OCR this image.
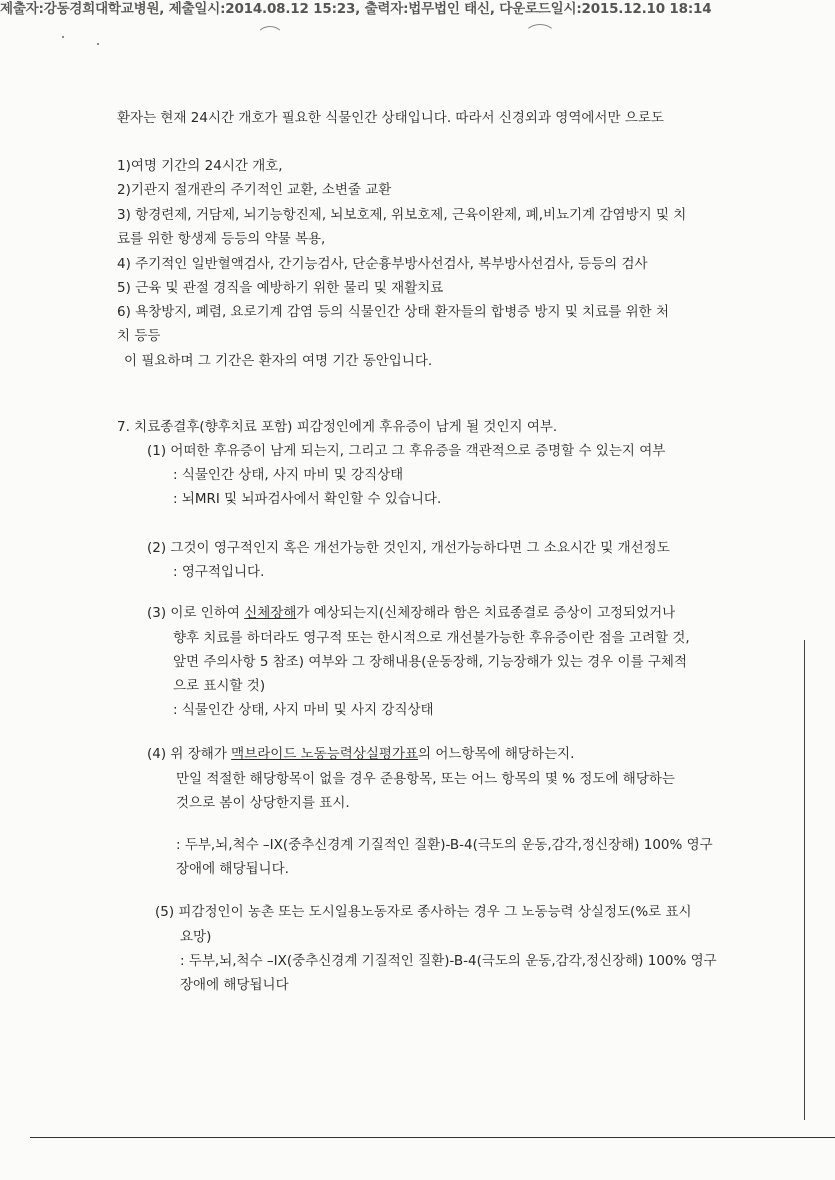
제출자:강동경희대학교병원, 제출일시:2014.08.12 15:23, 출력자:법무법인 태신, 다운로드일시:2015.12.10 18:14
환자는 현재 24시간 개호가 필요한 식물인간 상태입니다. 따라서 신경외과 영역에서만 으로도
1)여명 기간의 24시간 개호,
2)기관지 절개관의 주기적인 교환, 소변줄 교환
3) 항경련제, 거담제, 뇌기능항진제, 뇌보호제, 위보호제, 근육이완제, 폐,비뇨기계 감염방지 및 치
료를 위한 항생제 등등의 약물 복용,
4) 주기적인 일반혈액검사, 간기능검사, 단순흉부방사선검사, 복부방사선검사, 등등의 검사
5) 근육 및 관절 경직을 예방하기 위한 물리 및 재활치료
6) 욕창방지, 폐렴, 요로기계 감염 등의 식물인간 상태 환자들의 합병증 방지 및 치료를 위한 처
치 등등
이 필요하며 그 기간은 환자의 여명 기간 동안입니다.
7. 치료종결후(향후치료 포함) 피감정인에게 후유증이 남게 될 것인지 여부.
(1) 어떠한 후유증이 남게 되는지, 그리고 그 후유증을 객관적으로 증명할 수 있는지 여부
: 식물인간 상태, 사지 마비 및 강직상태
: 뇌MRI 및 뇌파검사에서 확인할 수 있습니다.
(2) 그것이 영구적인지 혹은 개선가능한 것인지, 개선가능하다면 그 소요시간 및 개선정도
: 영구적입니다.
(3) 이로 인하여 신체장해가 예상되는지(신체장해라 함은 치료종결로 증상이 고정되었거나
향후 치료를 하더라도 영구적 또는 한시적으로 개선불가능한 후유증이란 점을 고려할 것,
앞면 주의사항 5 참조) 여부와 그 장해내용(운동장해, 기능장해가 있는 경우 이를 구체적
으로 표시할 것)
: 식물인간 상태, 사지 마비 및 사지 강직상태
(4) 위 장해가 맥브라이드 노동능력상실평가표의 어느항목에 해당하는지.
만일 적절한 해당항목이 없을 경우 준용항목, 또는 어느 항목의 몇 % 정도에 해당하는
것으로 봄이 상당한지를 표시.
: 두부,뇌,척수 –IX(중추신경계 기질적인 질환)-B-4(극도의 운동,감각,정신장해) 100% 영구
장애에 해당됩니다.
(5) 피감정인이 농촌 또는 도시일용노동자로 종사하는 경우 그 노동능력 상실정도(%로 표시
요망)
: 두부,뇌,척수 –IX(중추신경계 기질적인 질환)-B-4(극도의 운동,감각,정신장해) 100% 영구
장애에 해당됩니다
